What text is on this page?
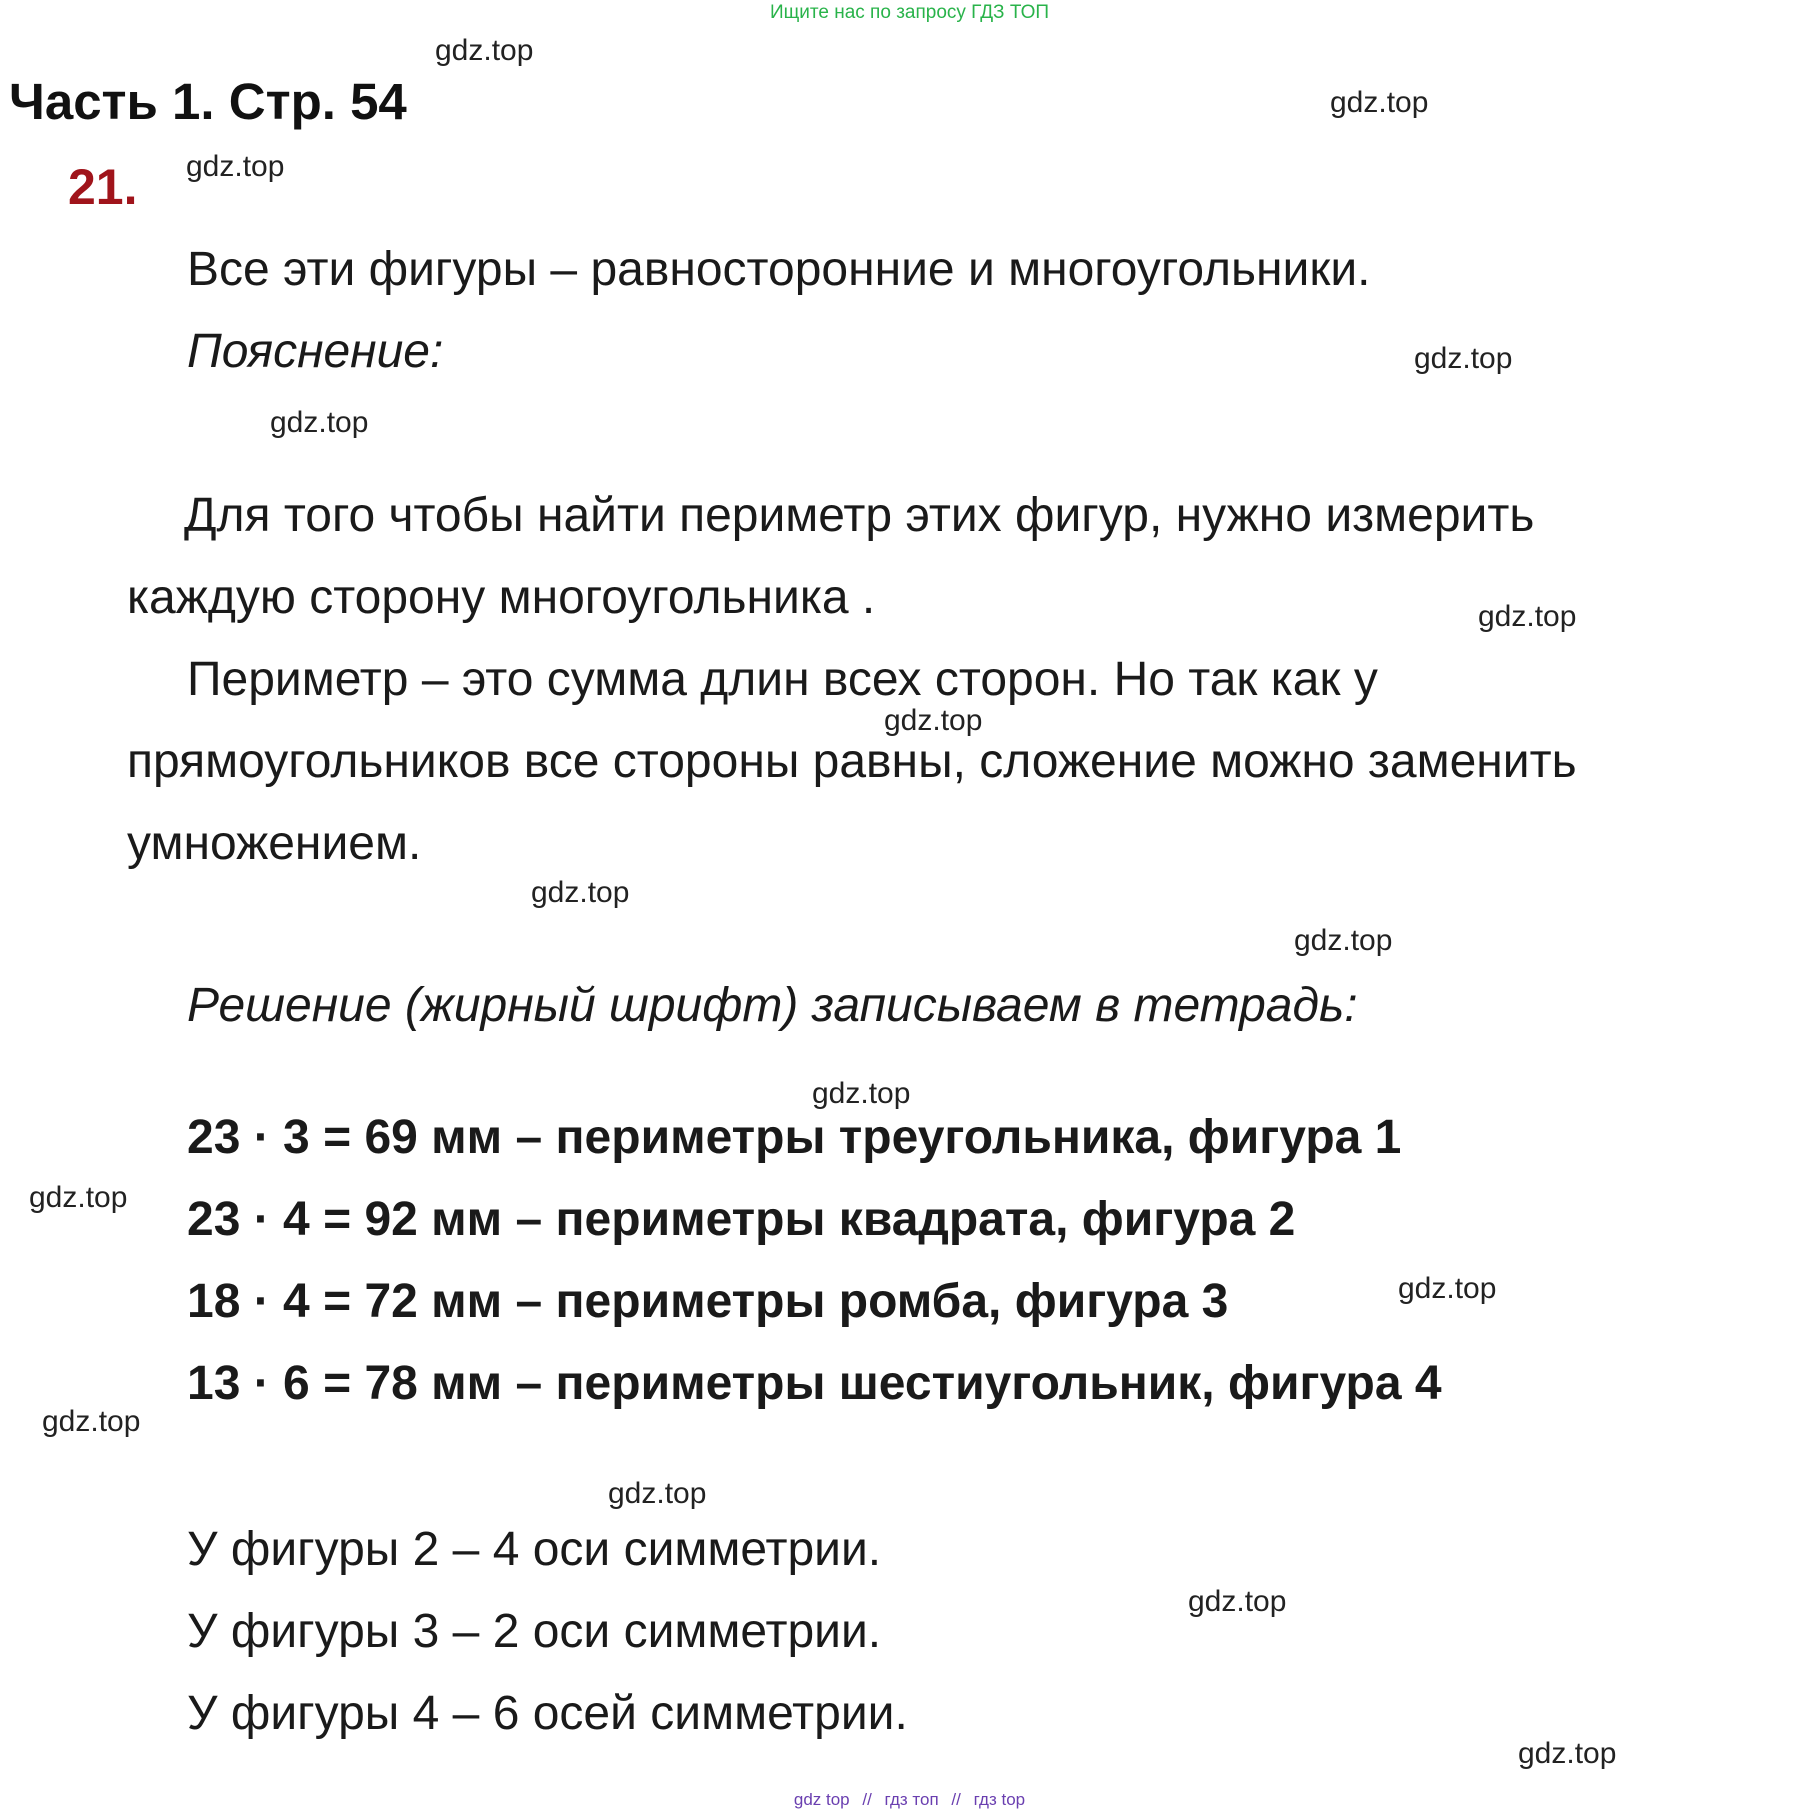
Ищите нас по запросу ГДЗ ТОП
Часть 1. Стр. 54
21.
Все эти фигуры – равносторонние и многоугольники.
Пояснение:
Для того чтобы найти периметр этих фигур, нужно измерить
каждую сторону многоугольника .
Периметр – это сумма длин всех сторон. Но так как у
прямоугольников все стороны равны, сложение можно заменить
умножением.
Решение (жирный шрифт) записываем в тетрадь:
23 · 3 = 69 мм – периметры треугольника, фигура 1
23 · 4 = 92 мм – периметры квадрата, фигура 2
18 · 4 = 72 мм – периметры ромба, фигура 3
13 · 6 = 78 мм – периметры шестиугольник, фигура 4
У фигуры 2 – 4 оси симметрии.
У фигуры 3 – 2 оси симметрии.
У фигуры 4 – 6 осей симметрии.
gdz.top
gdz.top
gdz.top
gdz.top
gdz.top
gdz.top
gdz.top
gdz.top
gdz.top
gdz.top
gdz.top
gdz.top
gdz.top
gdz.top
gdz.top
gdz.top
gdz top // гдз топ // гдз top
